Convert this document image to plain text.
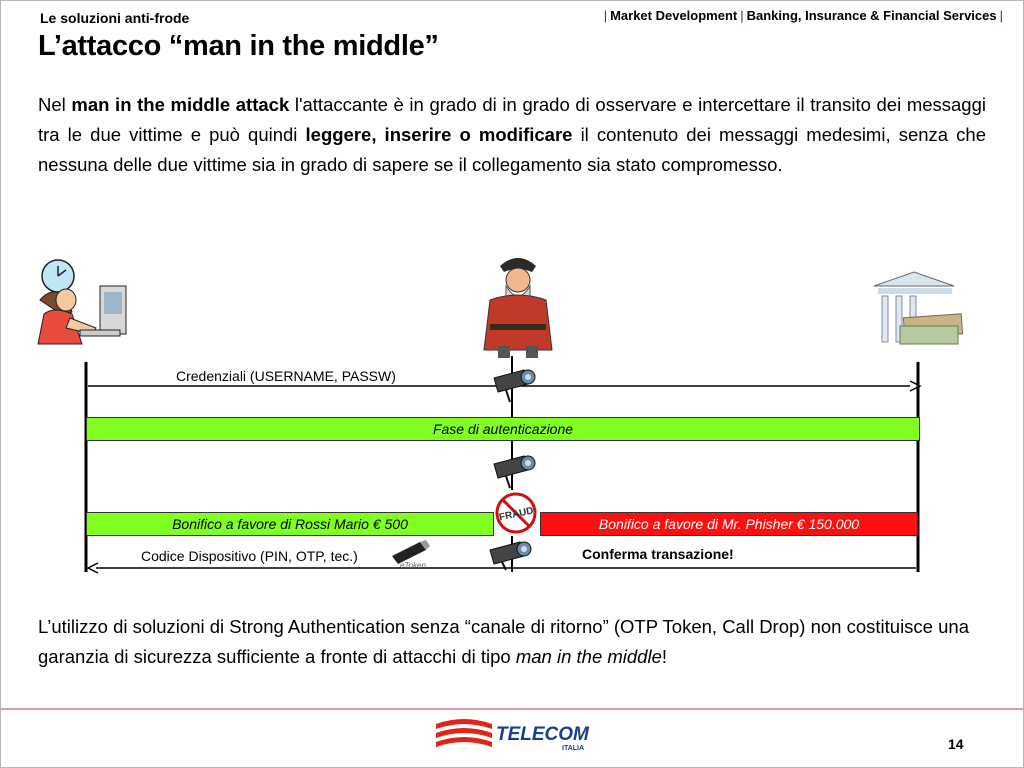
Le soluzioni anti-frode	| Market Development | Banking, Insurance & Financial Services |
L’attacco “man in the middle”
Nel man in the middle attack l'attaccante è in grado di in grado di osservare e intercettare il transito dei messaggi tra le due vittime e può quindi leggere, inserire o modificare il contenuto dei messaggi medesimi, senza che nessuna delle due vittime sia in grado di sapere se il collegamento sia stato compromesso.
FRAUD
eToken
Credenziali (USERNAME, PASSW)
Fase di autenticazione
Bonifico a favore di Rossi Mario € 500	Bonifico a favore di Mr. Phisher € 150.000
Codice Dispositivo (PIN, OTP, tec.)	Conferma transazione!
L’utilizzo di soluzioni di Strong Authentication senza “canale di ritorno” (OTP Token, Call Drop) non costituisce una garanzia di sicurezza sufficiente a fronte di attacchi di tipo man in the middle!
TELECOM
ITALIA	14
